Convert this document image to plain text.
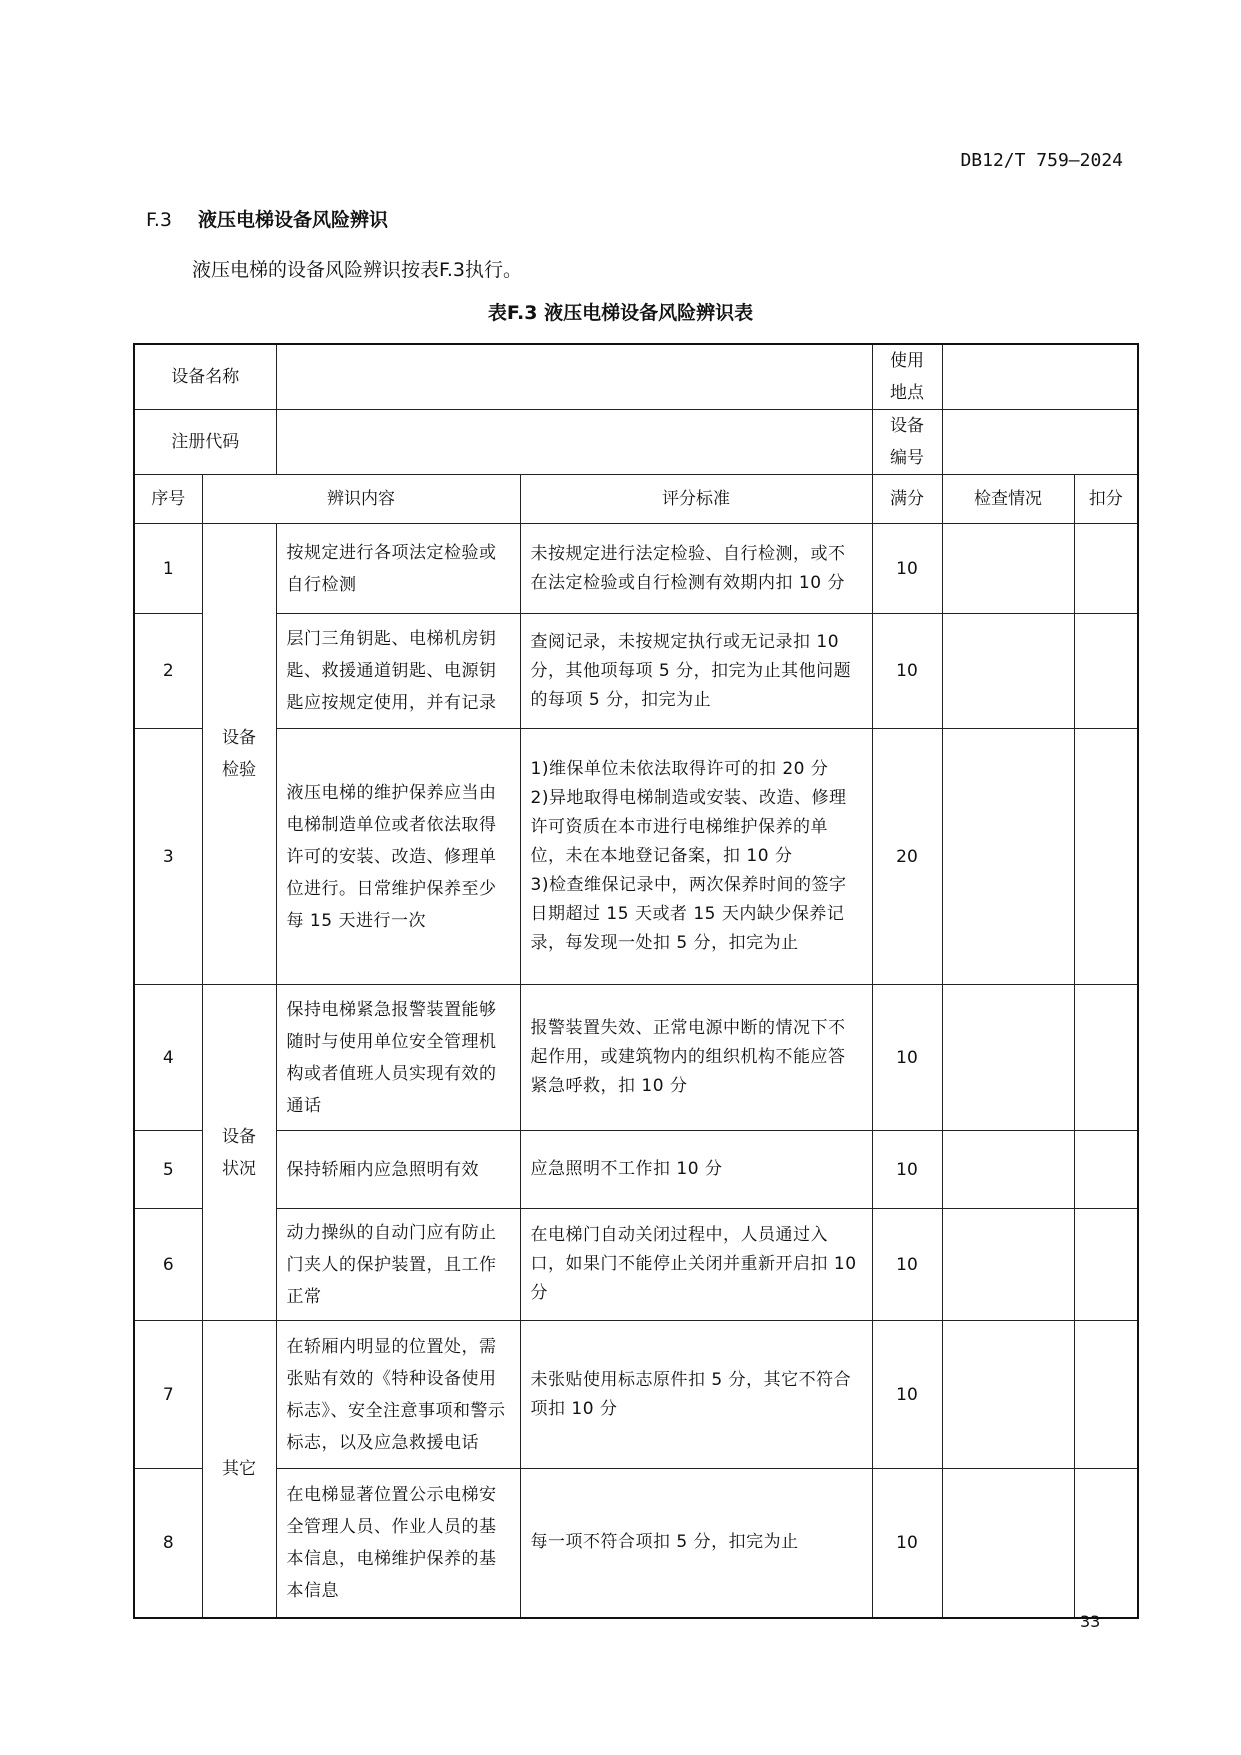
DB12/T 759—2024
F.3 液压电梯设备风险辨识
液压电梯的设备风险辨识按表F.3执行。
表F.3 液压电梯设备风险辨识表
设备名称				使用地点		
注册代码				设备编号		
序号	辨识内容		评分标准	满分	检查情况	扣分
1	设备检验	按规定进行各项法定检验或自行检测	未按规定进行法定检验、自行检测，或不在法定检验或自行检测有效期内扣 10 分	10		
2		层门三角钥匙、电梯机房钥匙、救援通道钥匙、电源钥匙应按规定使用，并有记录	查阅记录，未按规定执行或无记录扣 10 分，其他项每项 5 分，扣完为止其他问题的每项 5 分，扣完为止	10		
3		液压电梯的维护保养应当由电梯制造单位或者依法取得许可的安装、改造、修理单位进行。日常维护保养至少每 15 天进行一次	1)维保单位未依法取得许可的扣 20 分
2)异地取得电梯制造或安装、改造、修理许可资质在本市进行电梯维护保养的单位，未在本地登记备案，扣 10 分
3)检查维保记录中，两次保养时间的签字日期超过 15 天或者 15 天内缺少保养记录，每发现一处扣 5 分，扣完为止	20		
4	设备状况	保持电梯紧急报警装置能够随时与使用单位安全管理机构或者值班人员实现有效的通话	报警装置失效、正常电源中断的情况下不起作用，或建筑物内的组织机构不能应答紧急呼救，扣 10 分	10		
5		保持轿厢内应急照明有效	应急照明不工作扣 10 分	10		
6		动力操纵的自动门应有防止门夹人的保护装置，且工作正常	在电梯门自动关闭过程中，人员通过入口，如果门不能停止关闭并重新开启扣 10 分	10		
7	其它	在轿厢内明显的位置处，需张贴有效的《特种设备使用标志》、安全注意事项和警示标志，以及应急救援电话	未张贴使用标志原件扣 5 分，其它不符合项扣 10 分	10		
8		在电梯显著位置公示电梯安全管理人员、作业人员的基本信息，电梯维护保养的基本信息	每一项不符合项扣 5 分，扣完为止	10		
33
